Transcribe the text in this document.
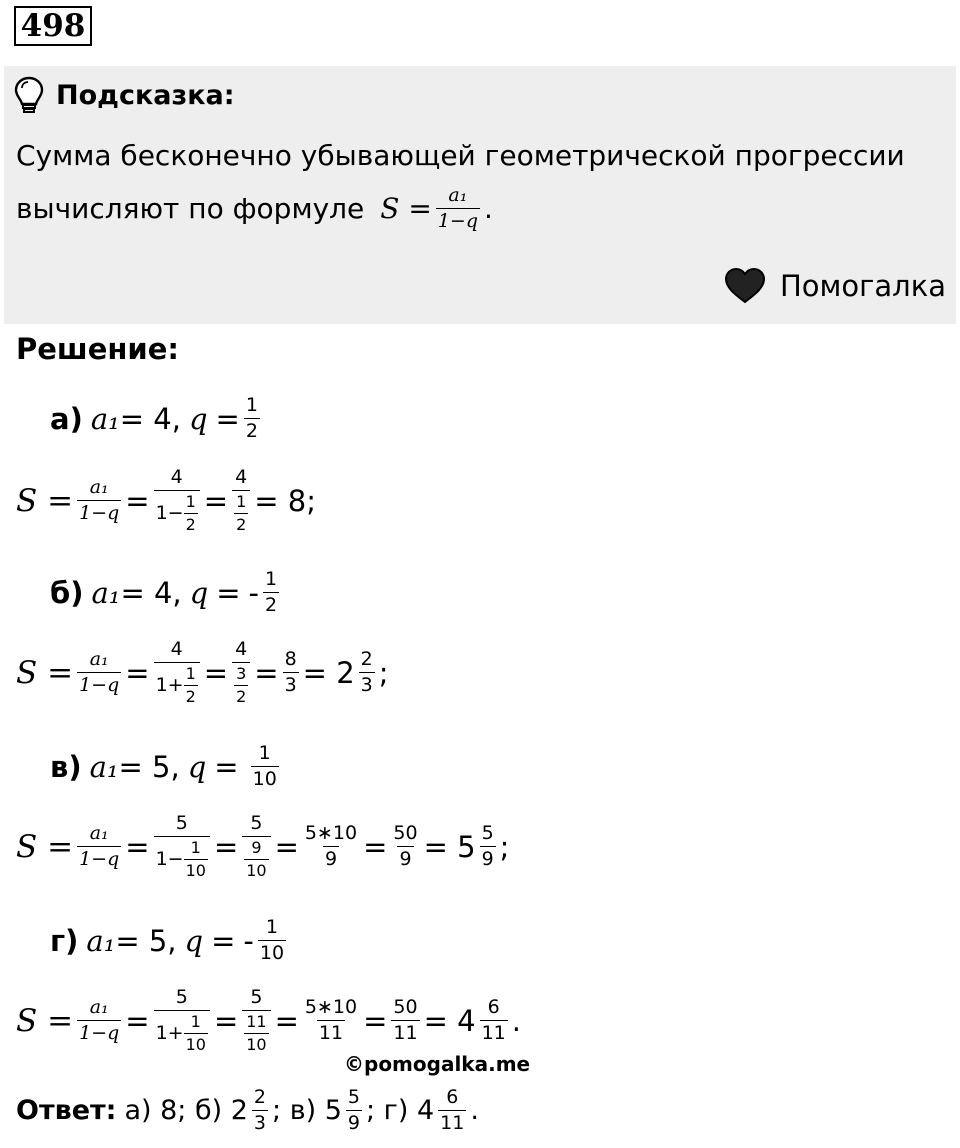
498
Подсказка:
Сумма бесконечно убывающей геометрической прогрессии
вычисляют по формуле $S = \frac{\text{a₁}}{1-q}$ .
Помогалка
Решение:
а) a₁ = 4, $q = \frac{1}{2}$
$S = \frac{\text{a₁}}{1-q} = \frac{4}{1- \frac{1}{2}} = \frac{4}{\frac{1}{2}} = 8$;
б) a₁ = 4, q = - $\frac{1}{2}$
$S = \frac{\text{a₁}}{1-q} = \frac{4}{1+ \frac{1}{2}} = \frac{4}{\frac{3}{2}} = \frac{8}{3} = 2 \frac{2}{3}$ ;
в) a₁ = 5, $q = \frac{1}{10}$
$S = \frac{\text{a₁}}{1-q} = \frac{5}{1- \frac{1}{10}} = \frac{5}{\frac{9}{10}} = \frac{5∗10}{9} = \frac{50}{9} = 5 \frac{5}{9}$ ;
г) a₁ = 5, q = - $\frac{1}{10}$
$S = \frac{\text{a₁}}{1-q} = \frac{5}{1+ \frac{1}{10}} = \frac{5}{\frac{11}{10}} = \frac{5∗10}{11} = \frac{50}{11} = 4 \frac{6}{11}$ .
©pomogalka.me
Ответ: а) 8; б) $2 \frac{2}{3}$ ; в) $5 \frac{5}{9}$ ; г) $4 \frac{6}{11}$ .
